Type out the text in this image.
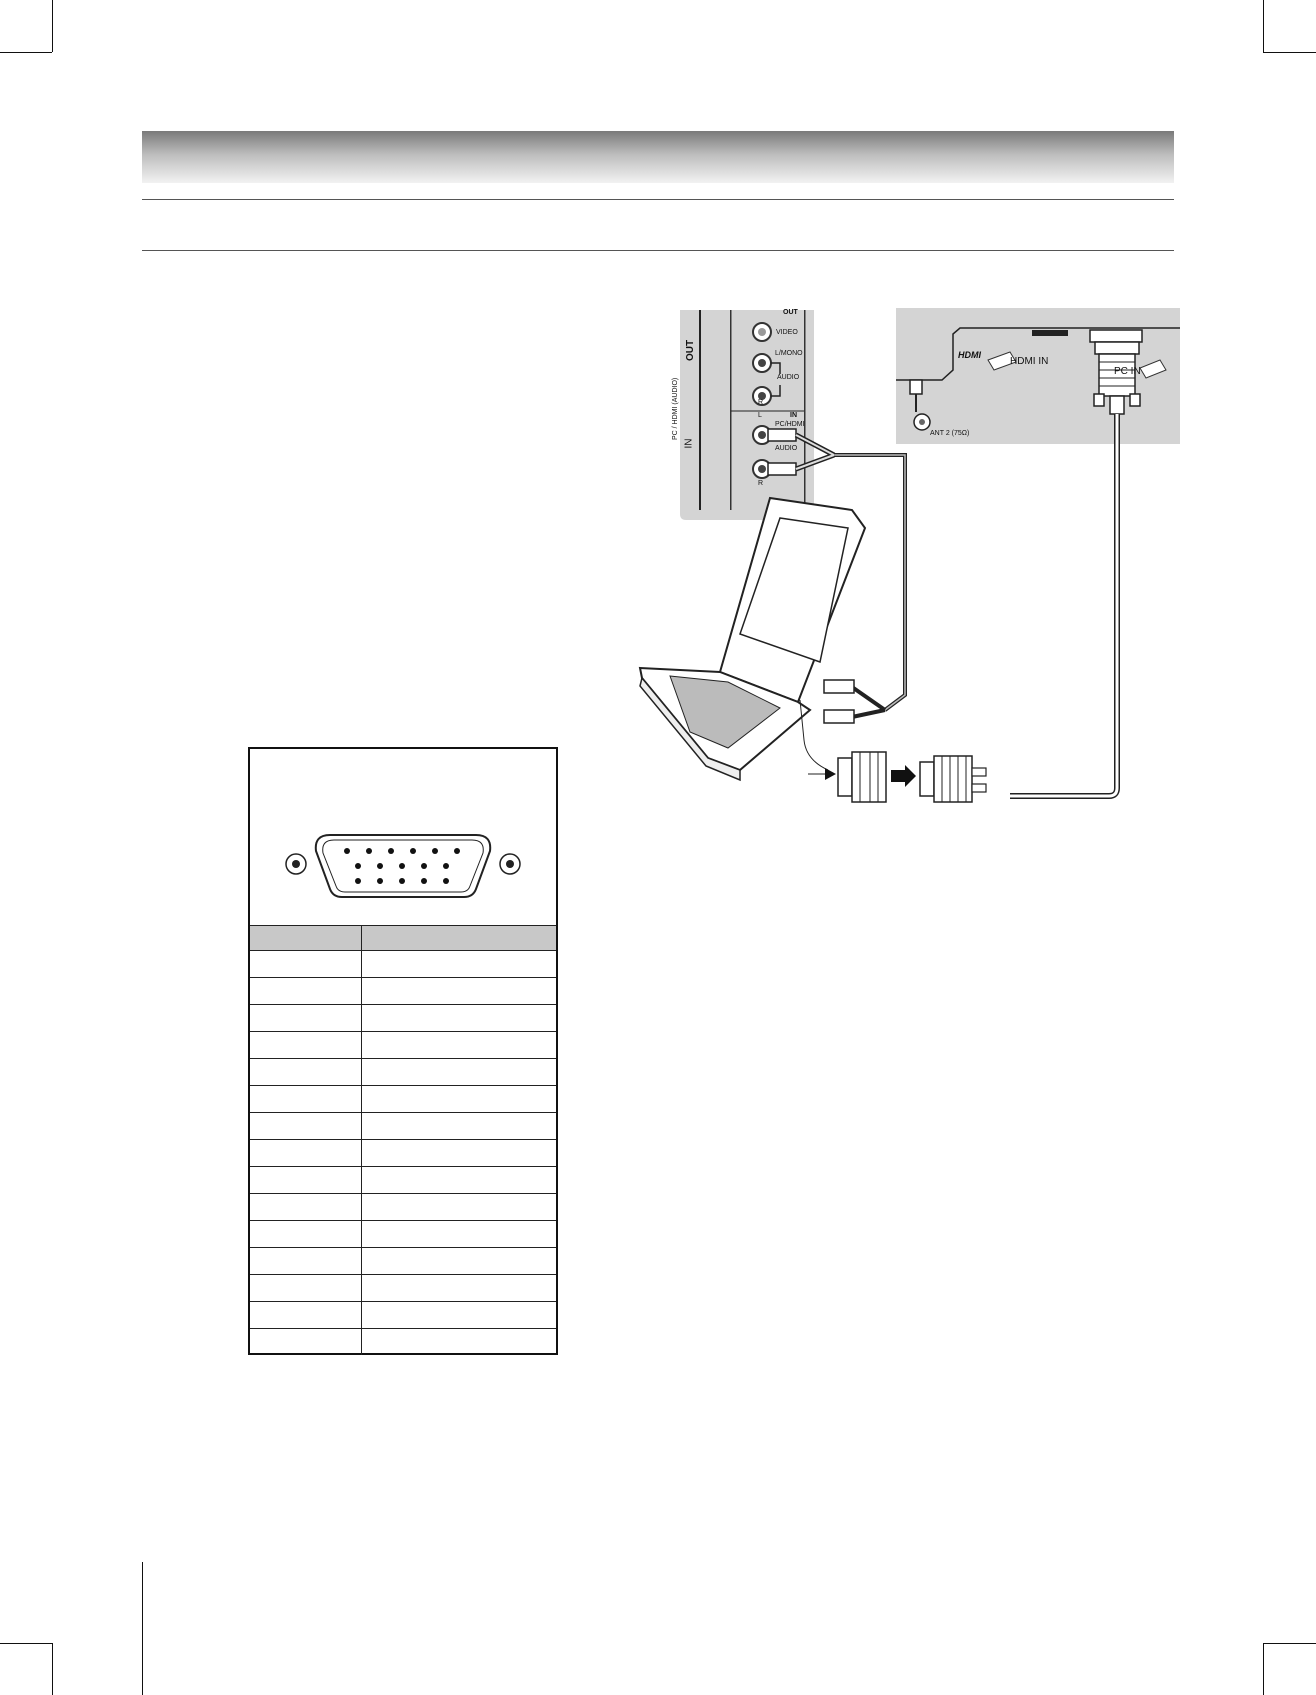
OUT
IN
PC / HDMI (AUDIO)
OUT
VIDEO
L/MONO
AUDIO
R
IN
L
PC/HDMI
AUDIO
R
HDMI
HDMI IN
PC IN
ANT 2 (75Ω)
